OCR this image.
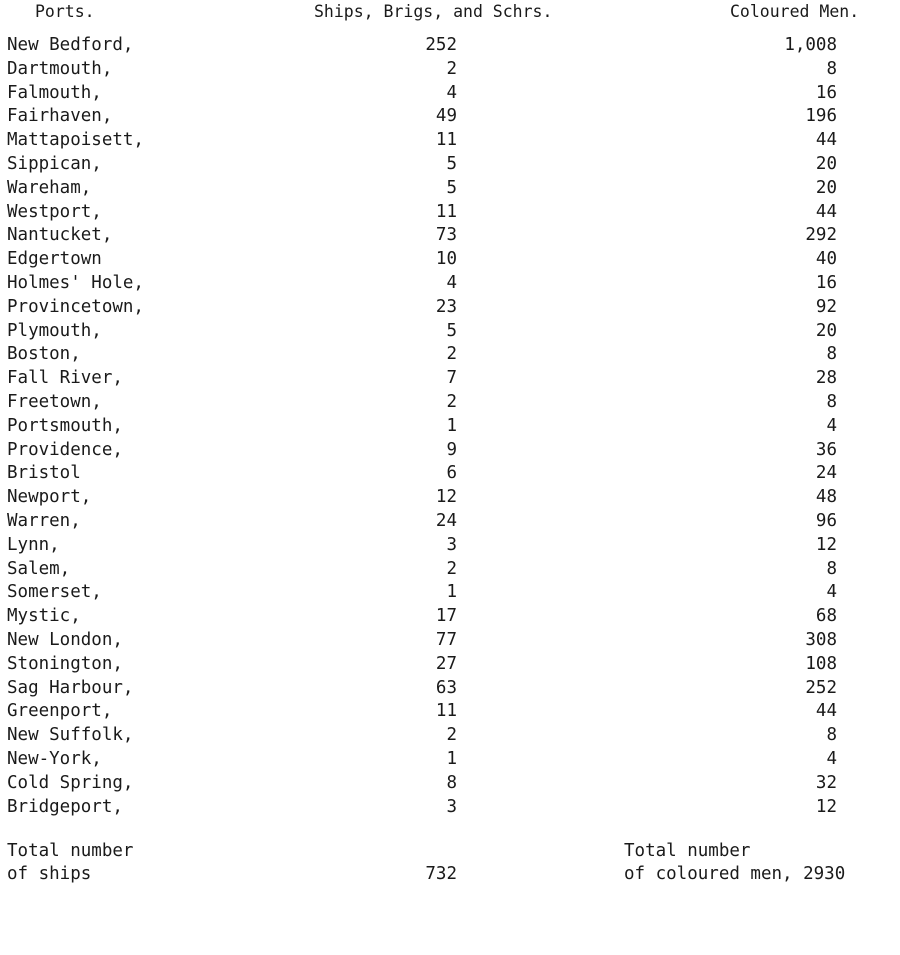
Ports.	Ships, Brigs, and Schrs.	Coloured Men.
New Bedford,	252	1,008
Dartmouth,	2	8
Falmouth,	4	16
Fairhaven,	49	196
Mattapoisett,	11	44
Sippican,	5	20
Wareham,	5	20
Westport,	11	44
Nantucket,	73	292
Edgertown	10	40
Holmes' Hole,	4	16
Provincetown,	23	92
Plymouth,	5	20
Boston,	2	8
Fall River,	7	28
Freetown,	2	8
Portsmouth,	1	4
Providence,	9	36
Bristol	6	24
Newport,	12	48
Warren,	24	96
Lynn,	3	12
Salem,	2	8
Somerset,	1	4
Mystic,	17	68
New London,	77	308
Stonington,	27	108
Sag Harbour,	63	252
Greenport,	11	44
New Suffolk,	2	8
New-York,	1	4
Cold Spring,	8	32
Bridgeport,	3	12

Total number
of ships

	732

Total number
of coloured men, 2930
